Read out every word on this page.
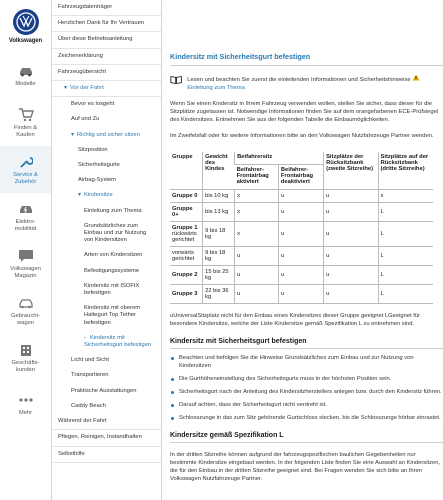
Volkswagen
Modelle
Finden &
Kaufen
Service &
Zubehör
Elektro-
mobilität
Volkswagen
Magazin
Gebraucht-
wagen
Geschäfts-
kunden
Mehr
Fahrzeugdatenträger
Herzlichen Dank für Ihr Vertrauen
Über diese Betriebsanleitung
Zeichenerklärung
Fahrzeugübersicht
▾ Vor der Fahrt
Bevor es losgeht
Auf und Zu
▾ Richtig und sicher sitzen
Sitzposition
Sicherheitsgurte
Airbag-System
▾ Kindersitze
Einleitung zum Thema
Grundsätzliches zum Einbau und zur Nutzung von Kindersitzen
Arten von Kindersitzen
Befestigungssysteme
Kindersitz mit ISOFIX befestigen
Kindersitz mit oberem Haltegurt Top Tether befestigen
› Kindersitz mit Sicherheitsgurt befestigen
Licht und Sicht
Transportieren
Praktische Ausstattungen
Caddy Beach
Während der Fahrt
Pflegen, Reinigen, Instandhalten
Selbsthilfe
Kindersitz mit Sicherheitsgurt befestigen
Lesen und beachten Sie zuerst die einleitenden Informationen und Sicherheitshinweise  Einleitung zum Thema
Wenn Sie einen Kindersitz in Ihrem Fahrzeug verwenden wollen, stellen Sie sicher, dass dieser für die Sitzplätze zugelassen ist. Notwendige Informationen finden Sie auf dem orangefarbenen ECE-Prüfsiegel des Kindersitzes. Entnehmen Sie aus der folgenden Tabelle die Einbaumöglichkeiten.
Im Zweifelsfall oder für weitere Informationen bitte an den Volkswagen Nutzfahrzeuge Partner wenden.
Gruppe	Gewicht des Kindes	Beifahrersitz		Sitzplätze der Rücksitzbank (zweite Sitzreihe)	Sitzplätze auf der Rücksitzbank (dritte Sitzreihe)
		Beifahrer-Frontairbag aktiviert	Beifahrer-Frontairbag deaktiviert		
Gruppe 0	bis 10 kg	x	u	u	x
Gruppe 0+	bis 13 kg	x	u	u	L
Gruppe 1
rückwärts gerichtet	9 bis 18 kg	x	u	u	L

vorwärts gerichtet	9 bis 18 kg	u	u	u	L
Gruppe 2	15 bis 25 kg	u	u	u	L
Gruppe 3	22 bis 36 kg	u	u	u	L
uUniversalSitzplatz nicht für den Einbau eines Kindersitzes dieser Gruppe geeignet LGeeignet für besondere Kindersitze, welche der Liste Kindersitze gemäß Spezifikation L zu entnehmen sind.
Kindersitz mit Sicherheitsgurt befestigen
Beachten und befolgen Sie die Hinweise Grundsätzliches zum Einbau und zur Nutzung von Kindersitzen
Die Gurthöheneinstellung des Sicherheitsgurts muss in der höchsten Position sein.
Sicherheitsgurt nach der Anleitung des Kindersitzherstellers anlegen bzw. durch den Kindersitz führen.
Darauf achten, dass der Sicherheitsgurt nicht verdreht ist.
Schlosszunge in das zum Sitz gehörende Gurtschloss stecken, bis die Schlosszunge hörbar einrastet.
Kindersitze gemäß Spezifikation L
In der dritten Sitzreihe können aufgrund der fahrzeugspezifischen baulichen Gegebenheiten nur bestimmte Kindersitze eingebaut werden. In der folgenden Liste finden Sie eine Auswahl an Kindersitzen, die für den Einbau in der dritten Sitzreihe geeignet sind. Bei Fragen wenden Sie sich bitte an Ihren Volkswagen Nutzfahrzeuge Partner.
